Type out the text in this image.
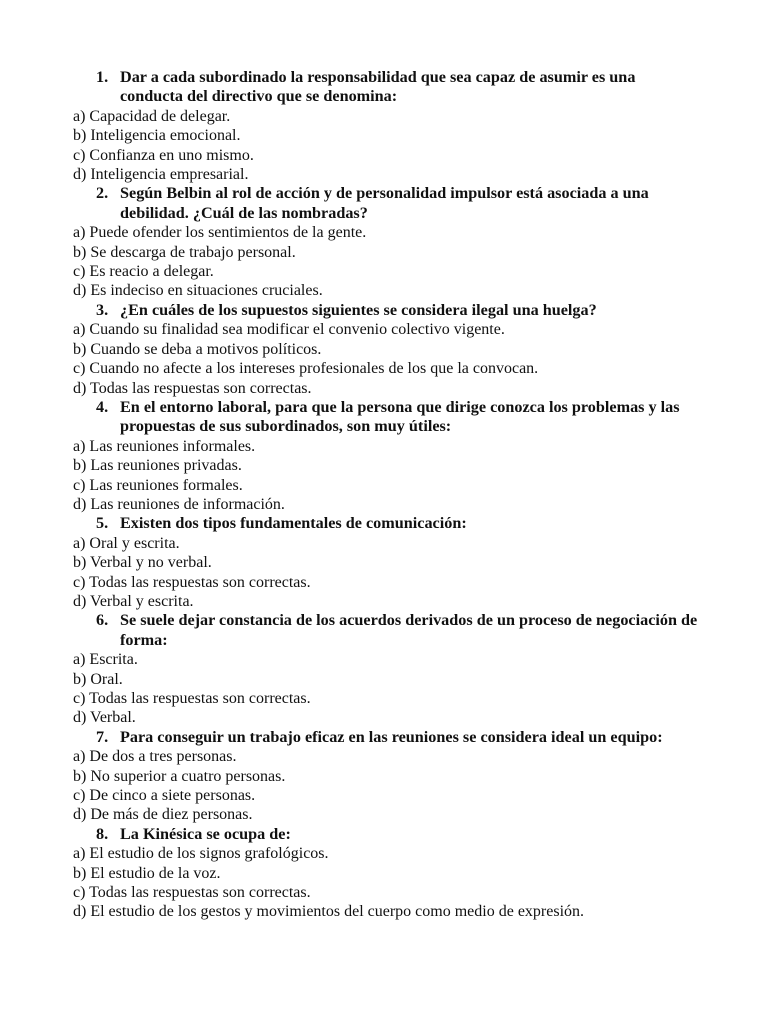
1. Dar a cada subordinado la responsabilidad que sea capaz de asumir es una conducta del directivo que se denomina:
a) Capacidad de delegar.
b) Inteligencia emocional.
c) Confianza en uno mismo.
d) Inteligencia empresarial.
2. Según Belbin al rol de acción y de personalidad impulsor está asociada a una debilidad. ¿Cuál de las nombradas?
a) Puede ofender los sentimientos de la gente.
b) Se descarga de trabajo personal.
c) Es reacio a delegar.
d) Es indeciso en situaciones cruciales.
3. ¿En cuáles de los supuestos siguientes se considera ilegal una huelga?
a) Cuando su finalidad sea modificar el convenio colectivo vigente.
b) Cuando se deba a motivos políticos.
c) Cuando no afecte a los intereses profesionales de los que la convocan.
d) Todas las respuestas son correctas.
4. En el entorno laboral, para que la persona que dirige conozca los problemas y las propuestas de sus subordinados, son muy útiles:
a) Las reuniones informales.
b) Las reuniones privadas.
c) Las reuniones formales.
d) Las reuniones de información.
5. Existen dos tipos fundamentales de comunicación:
a) Oral y escrita.
b) Verbal y no verbal.
c) Todas las respuestas son correctas.
d) Verbal y escrita.
6. Se suele dejar constancia de los acuerdos derivados de un proceso de negociación de forma:
a) Escrita.
b) Oral.
c) Todas las respuestas son correctas.
d) Verbal.
7. Para conseguir un trabajo eficaz en las reuniones se considera ideal un equipo:
a) De dos a tres personas.
b) No superior a cuatro personas.
c) De cinco a siete personas.
d) De más de diez personas.
8. La Kinésica se ocupa de:
a) El estudio de los signos grafológicos.
b) El estudio de la voz.
c) Todas las respuestas son correctas.
d) El estudio de los gestos y movimientos del cuerpo como medio de expresión.
